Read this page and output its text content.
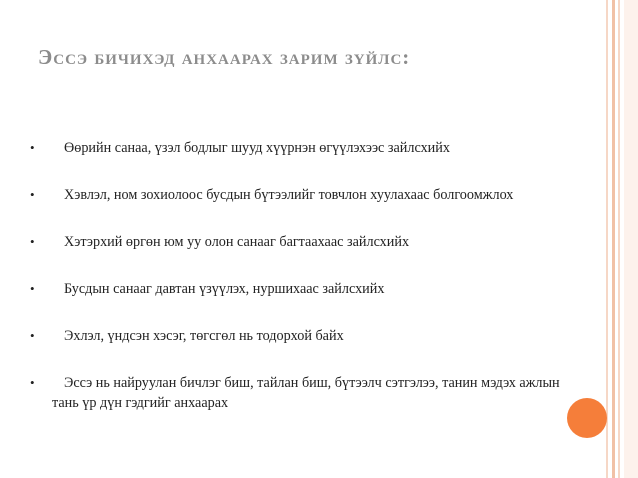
Эссэ бичихэд анхаарах зарим зүйлс:
•	Өөрийн санаа, үзэл бодлыг шууд хүүрнэн өгүүлэхээс зайлсхийх
•	Хэвлэл, ном зохиолоос бусдын бүтээлийг товчлон хуулахаас болгоомжлох
•	Хэтэрхий өргөн юм уу олон санааг багтаахаас зайлсхийх
•	Бусдын санааг давтан үзүүлэх, нуршихаас зайлсхийх
•	Эхлэл, үндсэн хэсэг, төгсгөл нь тодорхой байх
•	Эссэ нь найруулан бичлэг биш, тайлан биш, бүтээлч сэтгэлээ, танин мэдэх ажлын тань үр дүн гэдгийг анхаарах
